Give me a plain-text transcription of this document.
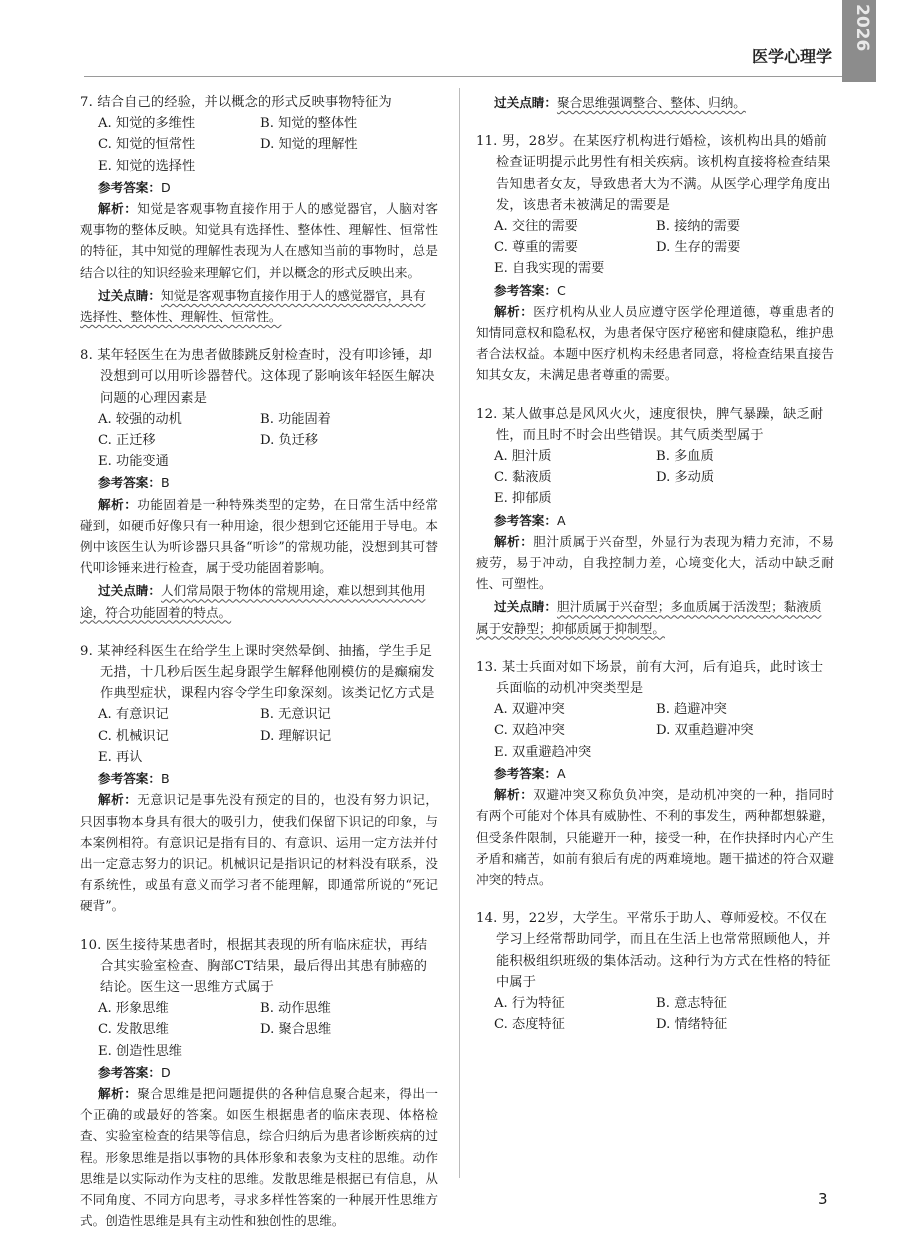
2026
医学心理学

7. 结合自己的经验，并以概念的形式反映事物特征为

A. 知觉的多维性	B. 知觉的整体性
C. 知觉的恒常性	D. 知觉的理解性
E. 知觉的选择性
参考答案：D

解析：知觉是客观事物直接作用于人的感觉器官，人脑对客观事物的整体反映。知觉具有选择性、整体性、理解性、恒常性的特征，其中知觉的理解性表现为人在感知当前的事物时，总是结合以往的知识经验来理解它们，并以概念的形式反映出来。

过关点睛：知觉是客观事物直接作用于人的感觉器官，具有选择性、整体性、理解性、恒常性。

8. 某年轻医生在为患者做膝跳反射检查时，没有叩诊锤，却没想到可以用听诊器替代。这体现了影响该年轻医生解决问题的心理因素是

A. 较强的动机	B. 功能固着
C. 正迁移	D. 负迁移
E. 功能变通
参考答案：B

解析：功能固着是一种特殊类型的定势，在日常生活中经常碰到，如硬币好像只有一种用途，很少想到它还能用于导电。本例中该医生认为听诊器只具备“听诊”的常规功能，没想到其可替代叩诊锤来进行检查，属于受功能固着影响。

过关点睛：人们常局限于物体的常规用途，难以想到其他用途，符合功能固着的特点。

9. 某神经科医生在给学生上课时突然晕倒、抽搐，学生手足无措，十几秒后医生起身跟学生解释他刚模仿的是癫痫发作典型症状，课程内容令学生印象深刻。该类记忆方式是

A. 有意识记	B. 无意识记
C. 机械识记	D. 理解识记
E. 再认
参考答案：B

解析：无意识记是事先没有预定的目的，也没有努力识记，只因事物本身具有很大的吸引力，使我们保留下识记的印象，与本案例相符。有意识记是指有目的、有意识、运用一定方法并付出一定意志努力的识记。机械识记是指识记的材料没有联系，没有系统性，或虽有意义而学习者不能理解，即通常所说的“死记硬背”。

10. 医生接待某患者时，根据其表现的所有临床症状，再结合其实验室检查、胸部CT结果，最后得出其患有肺癌的结论。医生这一思维方式属于

A. 形象思维	B. 动作思维
C. 发散思维	D. 聚合思维
E. 创造性思维
参考答案：D

解析：聚合思维是把问题提供的各种信息聚合起来，得出一个正确的或最好的答案。如医生根据患者的临床表现、体格检查、实验室检查的结果等信息，综合归纳后为患者诊断疾病的过程。形象思维是指以事物的具体形象和表象为支柱的思维。动作思维是以实际动作为支柱的思维。发散思维是根据已有信息，从不同角度、不同方向思考，寻求多样性答案的一种展开性思维方式。创造性思维是具有主动性和独创性的思维。

过关点睛：聚合思维强调整合、整体、归纳。

11. 男，28岁。在某医疗机构进行婚检，该机构出具的婚前检查证明提示此男性有相关疾病。该机构直接将检查结果告知患者女友，导致患者大为不满。从医学心理学角度出发，该患者未被满足的需要是

A. 交往的需要	B. 接纳的需要
C. 尊重的需要	D. 生存的需要
E. 自我实现的需要
参考答案：C

解析：医疗机构从业人员应遵守医学伦理道德，尊重患者的知情同意权和隐私权，为患者保守医疗秘密和健康隐私，维护患者合法权益。本题中医疗机构未经患者同意，将检查结果直接告知其女友，未满足患者尊重的需要。

12. 某人做事总是风风火火，速度很快，脾气暴躁，缺乏耐性，而且时不时会出些错误。其气质类型属于

A. 胆汁质	B. 多血质
C. 黏液质	D. 多动质
E. 抑郁质
参考答案：A

解析：胆汁质属于兴奋型，外显行为表现为精力充沛，不易疲劳，易于冲动，自我控制力差，心境变化大，活动中缺乏耐性、可塑性。

过关点睛：胆汁质属于兴奋型；多血质属于活泼型；黏液质属于安静型；抑郁质属于抑制型。

13. 某士兵面对如下场景，前有大河，后有追兵，此时该士兵面临的动机冲突类型是

A. 双避冲突	B. 趋避冲突
C. 双趋冲突	D. 双重趋避冲突
E. 双重避趋冲突
参考答案：A

解析：双避冲突又称负负冲突，是动机冲突的一种，指同时有两个可能对个体具有威胁性、不利的事发生，两种都想躲避，但受条件限制，只能避开一种，接受一种，在作抉择时内心产生矛盾和痛苦，如前有狼后有虎的两难境地。题干描述的符合双避冲突的特点。

14. 男，22岁，大学生。平常乐于助人、尊师爱校。不仅在学习上经常帮助同学，而且在生活上也常常照顾他人，并能积极组织班级的集体活动。这种行为方式在性格的特征中属于

A. 行为特征	B. 意志特征
C. 态度特征	D. 情绪特征
3
